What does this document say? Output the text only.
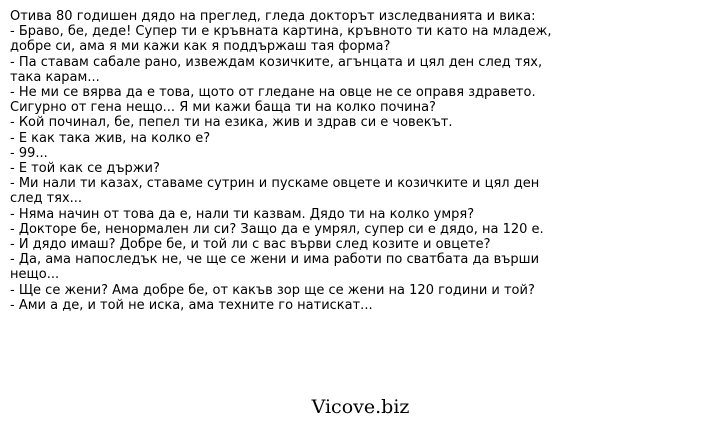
Отива 80 годишен дядо на преглед, гледа докторът изследванията и вика:
- Браво, бе, деде! Супер ти е кръвната картина, кръвното ти като на младеж,
добре си, ама я ми кажи как я поддържаш тая форма?
- Па ставам сабале рано, извеждам козичките, агънцата и цял ден след тях,
така карам...
- Не ми се вярва да е това, щото от гледане на овце не се оправя здравето.
Сигурно от гена нещо... Я ми кажи баща ти на колко почина?
- Кой починал, бе, пепел ти на езика, жив и здрав си е човекът.
- Е как така жив, на колко е?
- 99...
- Е той как се държи?
- Ми нали ти казах, ставаме сутрин и пускаме овцете и козичките и цял ден
след тях...
- Няма начин от това да е, нали ти казвам. Дядо ти на колко умря?
- Докторе бе, ненормален ли си? Защо да е умрял, супер си е дядо, на 120 е.
- И дядо имаш? Добре бе, и той ли с вас върви след козите и овцете?
- Да, ама напоследък не, че ще се жени и има работи по сватбата да върши
нещо...
- Ще се жени? Ама добре бе, от какъв зор ще се жени на 120 години и той?
- Ами а де, и той не иска, ама техните го натискат...
Vicove.biz
